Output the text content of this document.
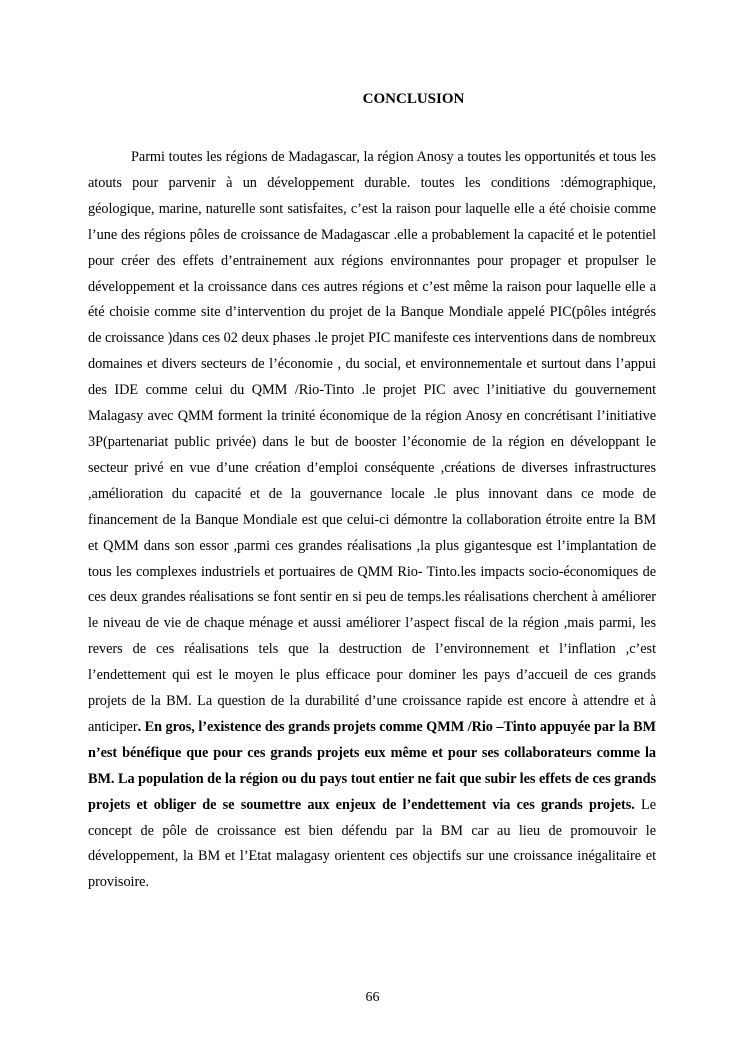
CONCLUSION

Parmi toutes les régions de Madagascar, la région Anosy a toutes les opportunités et tous les atouts pour parvenir à un développement durable. toutes les conditions :démographique, géologique, marine, naturelle sont satisfaites, c’est la raison pour laquelle elle a été choisie comme l’une des régions pôles de croissance de Madagascar .elle a probablement la capacité et le potentiel pour créer des effets d’entrainement aux régions environnantes pour propager et propulser le développement et la croissance dans ces autres régions et c’est même la raison pour laquelle elle a été choisie comme site d’intervention du projet de la Banque Mondiale appelé PIC(pôles intégrés de croissance )dans ces 02 deux phases .le projet PIC manifeste ces interventions dans de nombreux domaines et divers secteurs de l’économie , du social, et environnementale et surtout dans l’appui des IDE comme celui du QMM /Rio-Tinto .le projet PIC avec l’initiative du gouvernement Malagasy avec QMM forment la trinité économique de la région Anosy en concrétisant l’initiative 3P(partenariat public privée) dans le but de booster l’économie de la région en développant le secteur privé en vue d’une création d’emploi conséquente ,créations de diverses infrastructures ,amélioration du capacité et de la gouvernance locale .le plus innovant dans ce mode de financement de la Banque Mondiale est que celui-ci démontre la collaboration étroite entre la BM et QMM dans son essor ,parmi ces grandes réalisations ,la plus gigantesque est l’implantation de tous les complexes industriels et portuaires de QMM Rio- Tinto.les impacts socio-économiques de ces deux grandes réalisations se font sentir en si peu de temps.les réalisations cherchent à améliorer le niveau de vie de chaque ménage et aussi améliorer l’aspect fiscal de la région ,mais parmi, les revers de ces réalisations tels que la destruction de l’environnement et l’inflation ,c’est l’endettement qui est le moyen le plus efficace pour dominer les pays d’accueil de ces grands projets de la BM. La question de la durabilité d’une croissance rapide est encore à attendre et à anticiper. En gros, l’existence des grands projets comme QMM /Rio –Tinto appuyée par la BM n’est bénéfique que pour ces grands projets eux même et pour ses collaborateurs comme la BM. La population de la région ou du pays tout entier ne fait que subir les effets de ces grands projets et obliger de se soumettre aux enjeux de l’endettement via ces grands projets. Le concept de pôle de croissance est bien défendu par la BM car au lieu de promouvoir le développement, la BM et l’Etat malagasy orientent ces objectifs sur une croissance inégalitaire et provisoire.

66
